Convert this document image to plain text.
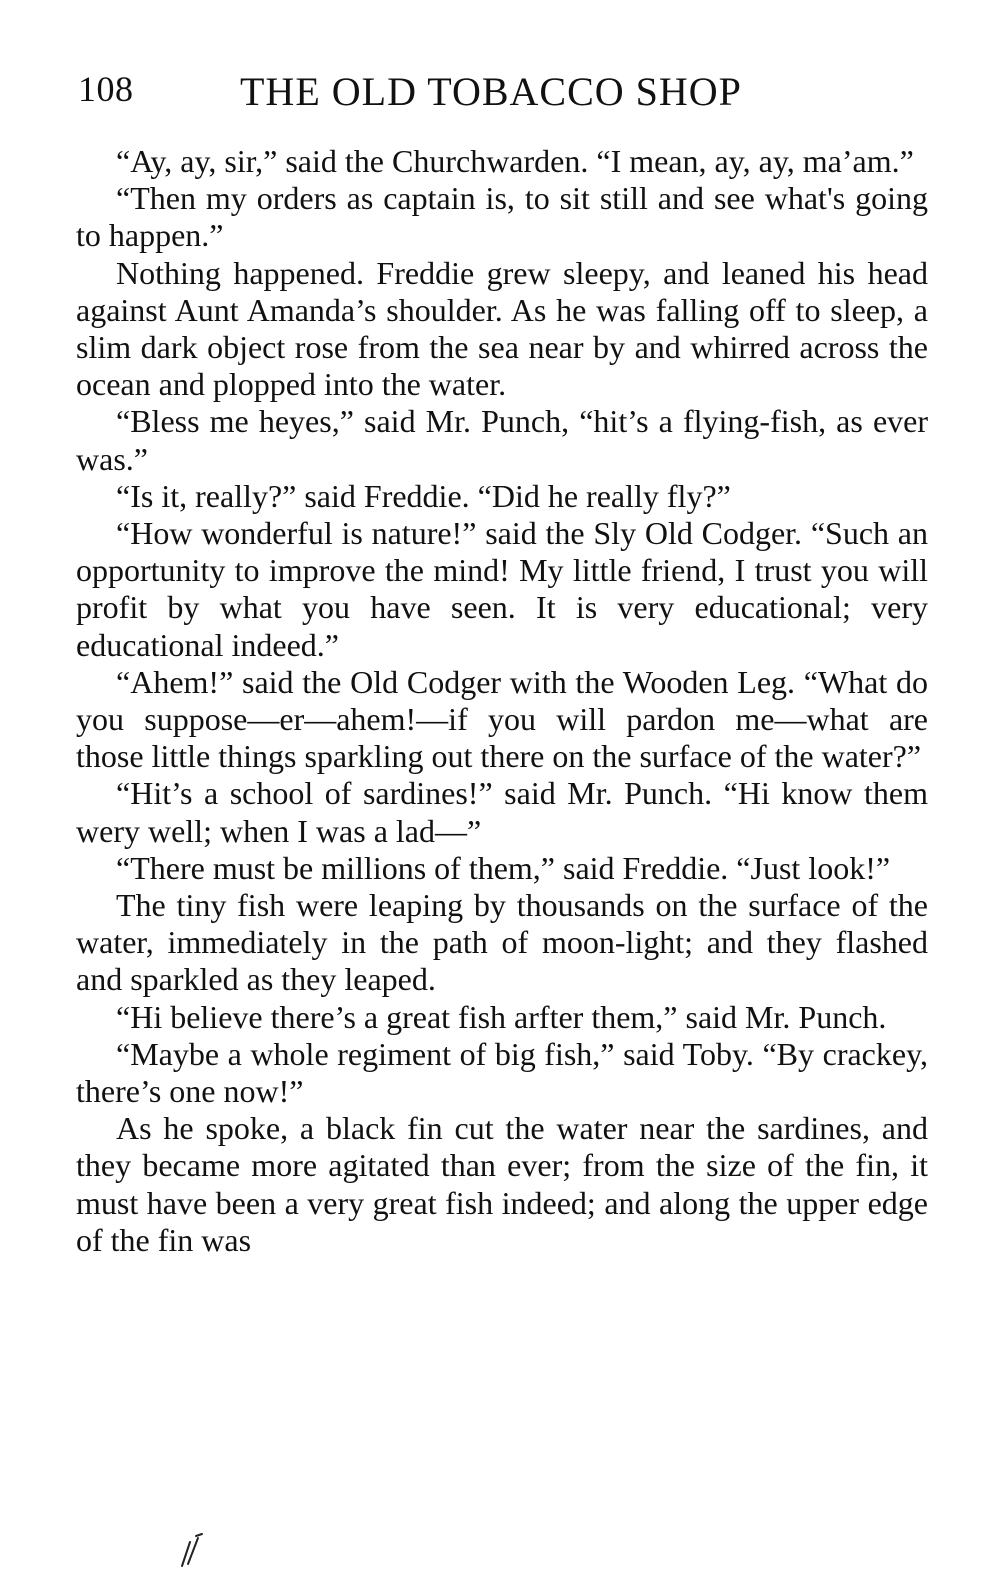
108	THE OLD TOBACCO SHOP

“Ay, ay, sir,” said the Churchwarden. “I mean, ay, ay, ma’am.”

“Then my orders as captain is, to sit still and see what's going to happen.”

Nothing happened. Freddie grew sleepy, and leaned his head against Aunt Amanda’s shoulder. As he was falling off to sleep, a slim dark object rose from the sea near by and whirred across the ocean and plopped into the water.

“Bless me heyes,” said Mr. Punch, “hit’s a flying-fish, as ever was.”

“Is it, really?” said Freddie. “Did he really fly?”

“How wonderful is nature!” said the Sly Old Codger. “Such an opportunity to improve the mind! My little friend, I trust you will profit by what you have seen. It is very educational; very educational indeed.”

“Ahem!” said the Old Codger with the Wooden Leg. “What do you suppose—er—ahem!—if you will pardon me—what are those little things sparkling out there on the surface of the water?”

“Hit’s a school of sardines!” said Mr. Punch. “Hi know them wery well; when I was a lad—”

“There must be millions of them,” said Freddie. “Just look!”

The tiny fish were leaping by thousands on the surface of the water, immediately in the path of moon-light; and they flashed and sparkled as they leaped.

“Hi believe there’s a great fish arfter them,” said Mr. Punch.

“Maybe a whole regiment of big fish,” said Toby. “By crackey, there’s one now!”

As he spoke, a black fin cut the water near the sardines, and they became more agitated than ever; from the size of the fin, it must have been a very great fish indeed; and along the upper edge of the fin was
